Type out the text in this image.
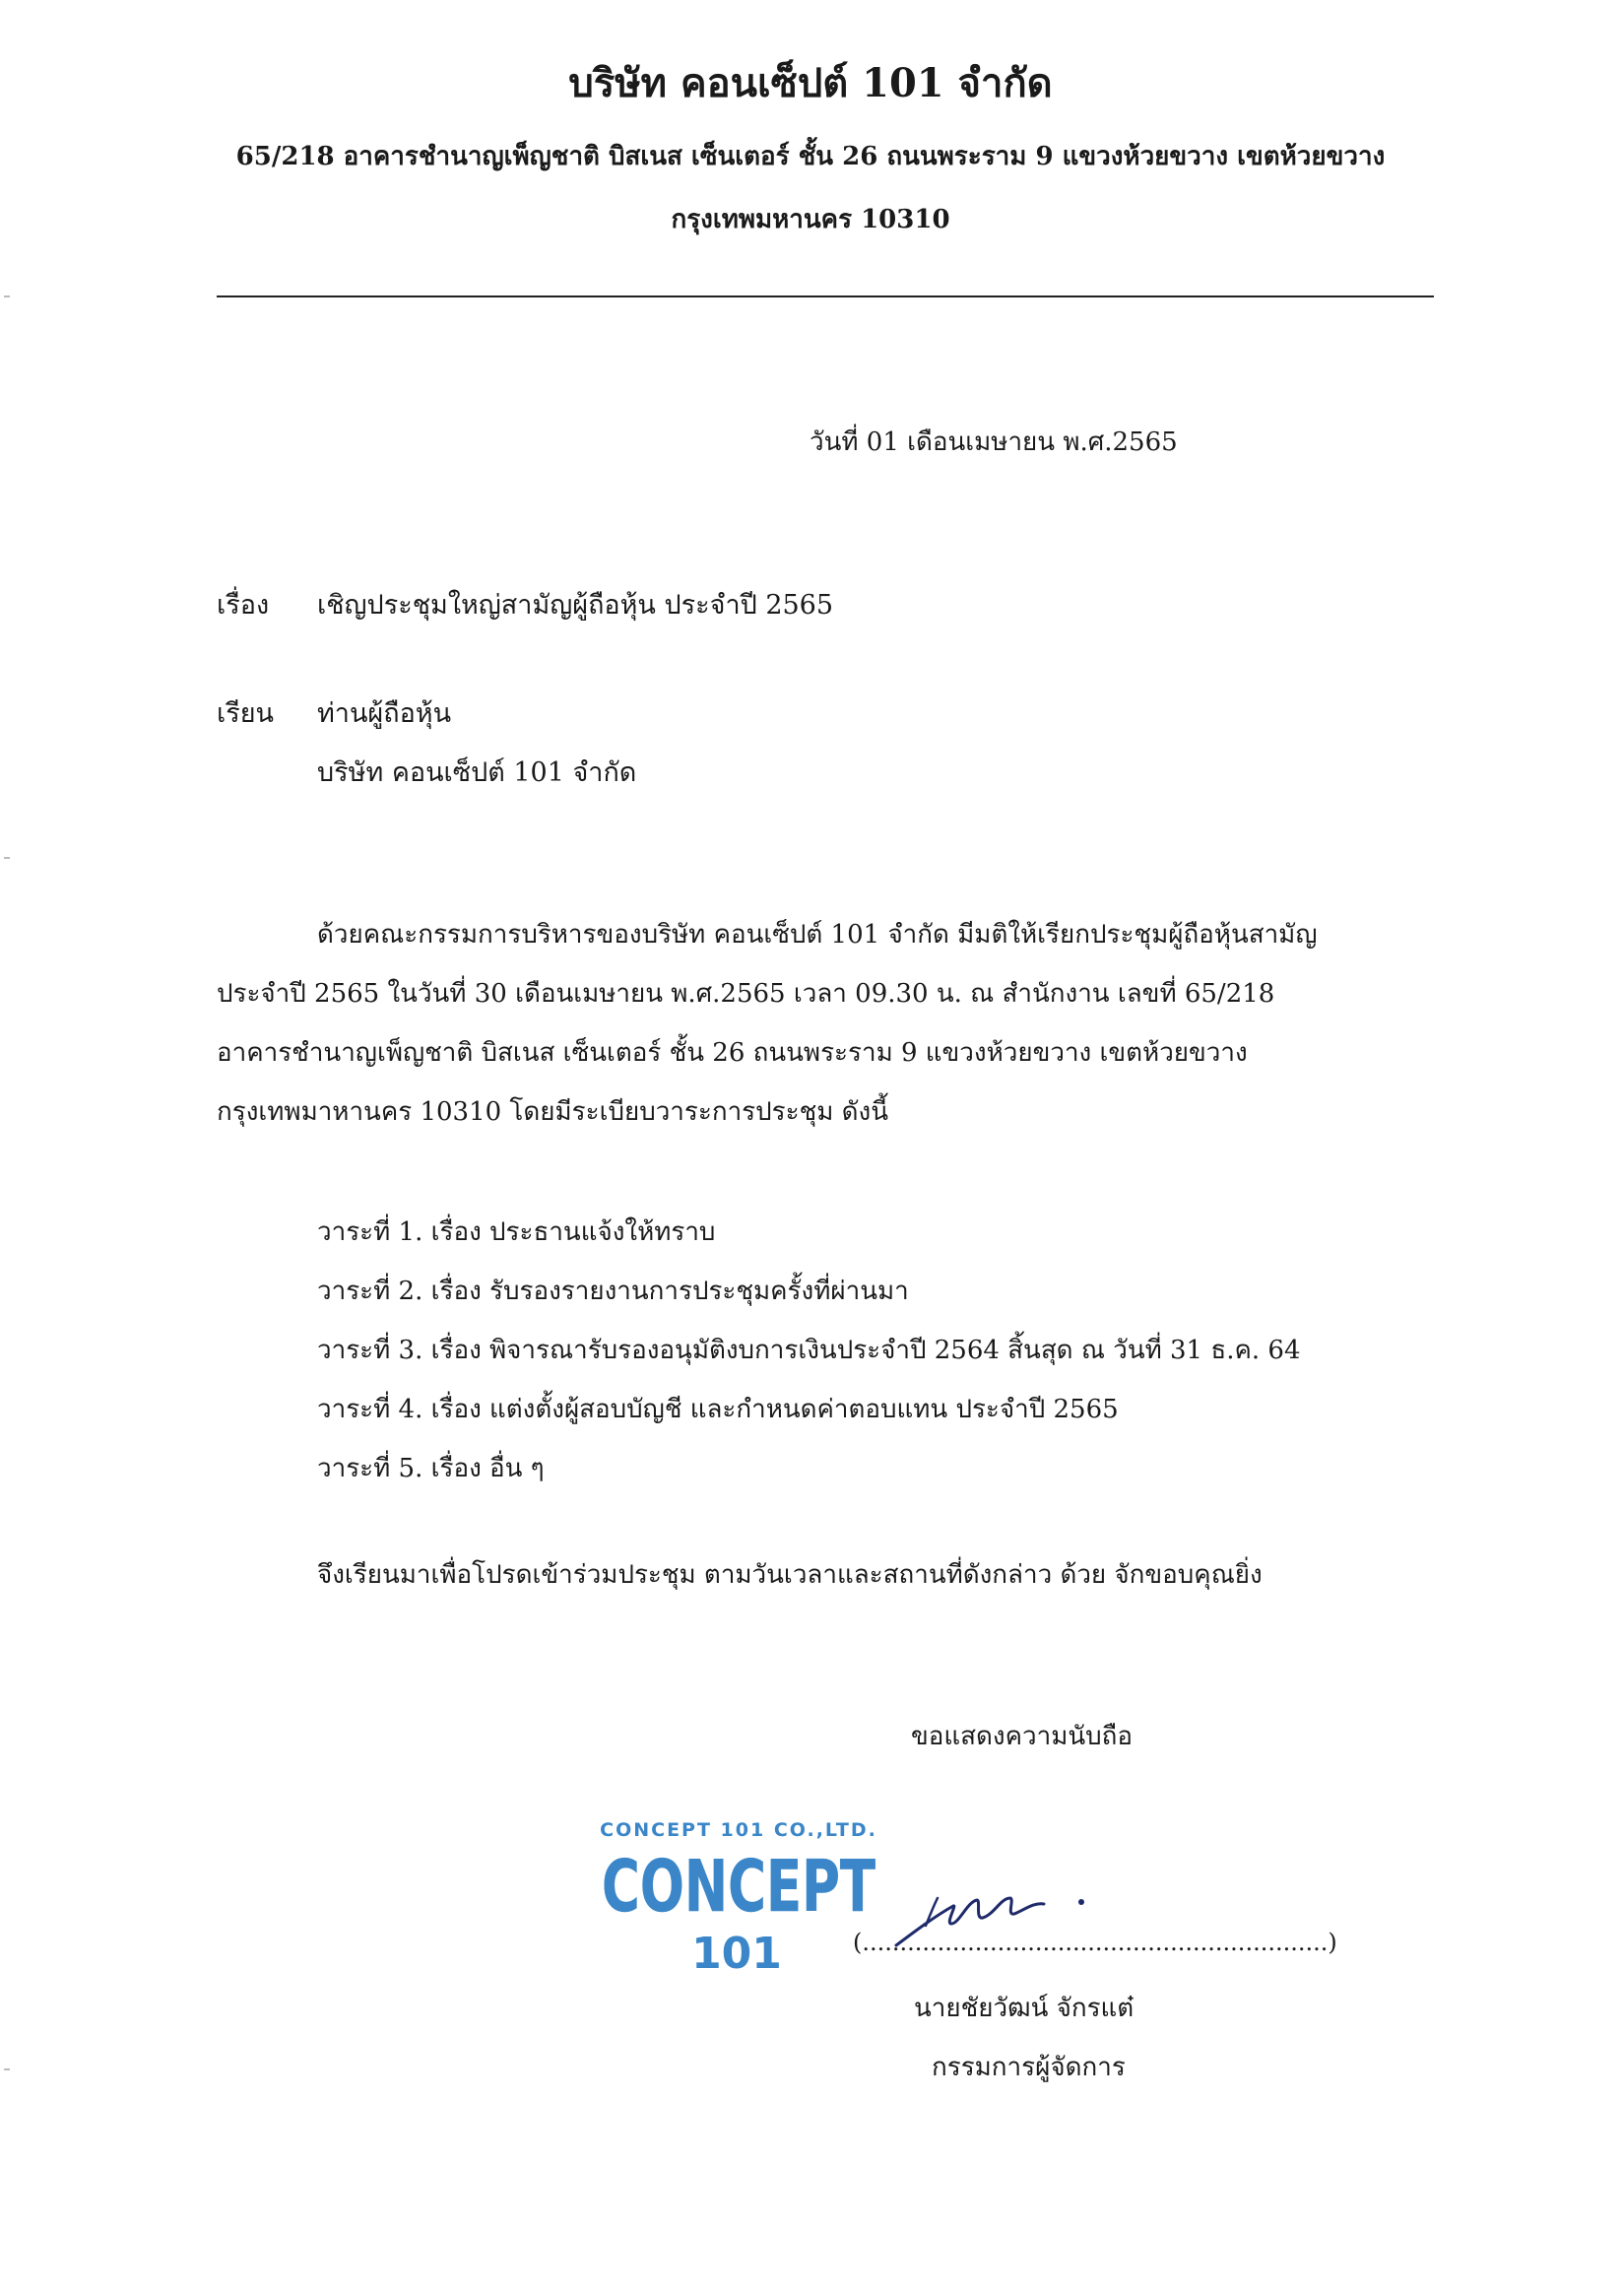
บริษัท คอนเซ็ปต์ 101 จำกัด
65/218 อาคารชำนาญเพ็ญชาติ บิสเนส เซ็นเตอร์ ชั้น 26 ถนนพระราม 9 แขวงห้วยขวาง เขตห้วยขวาง
กรุงเทพมหานคร 10310
วันที่ 01 เดือนเมษายน พ.ศ.2565
เรื่อง เชิญประชุมใหญ่สามัญผู้ถือหุ้น ประจำปี 2565
เรียน ท่านผู้ถือหุ้น
บริษัท คอนเซ็ปต์ 101 จำกัด
ด้วยคณะกรรมการบริหารของบริษัท คอนเซ็ปต์ 101 จำกัด มีมติให้เรียกประชุมผู้ถือหุ้นสามัญ
ประจำปี 2565 ในวันที่ 30 เดือนเมษายน พ.ศ.2565 เวลา 09.30 น. ณ สำนักงาน เลขที่ 65/218
อาคารชำนาญเพ็ญชาติ บิสเนส เซ็นเตอร์ ชั้น 26 ถนนพระราม 9 แขวงห้วยขวาง เขตห้วยขวาง
กรุงเทพมาหานคร 10310 โดยมีระเบียบวาระการประชุม ดังนี้
วาระที่ 1. เรื่อง ประธานแจ้งให้ทราบ
วาระที่ 2. เรื่อง รับรองรายงานการประชุมครั้งที่ผ่านมา
วาระที่ 3. เรื่อง พิจารณารับรองอนุมัติงบการเงินประจำปี 2564 สิ้นสุด ณ วันที่ 31 ธ.ค. 64
วาระที่ 4. เรื่อง แต่งตั้งผู้สอบบัญชี และกำหนดค่าตอบแทน ประจำปี 2565
วาระที่ 5. เรื่อง อื่น ๆ
จึงเรียนมาเพื่อโปรดเข้าร่วมประชุม ตามวันเวลาและสถานที่ดังกล่าว ด้วย จักขอบคุณยิ่ง
ขอแสดงความนับถือ
CONCEPT 101 CO.,LTD.
CONCEPT
101	(..............................................................)
นายชัยวัฒน์ จักรแต๋
กรรมการผู้จัดการ
